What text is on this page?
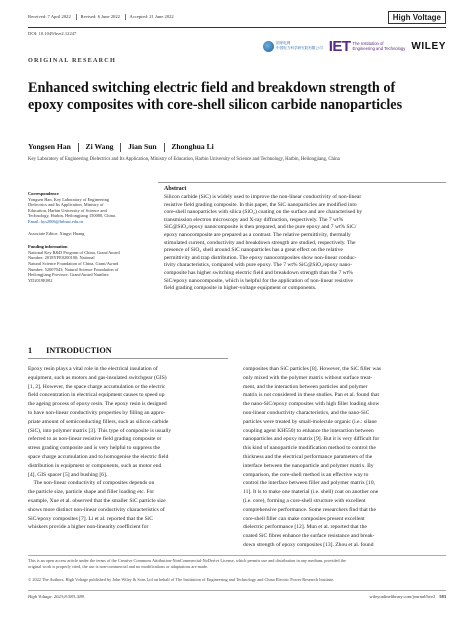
Received: 7 April 2022 Revised: 6 June 2022 Accepted: 21 June 2022	High Voltage
DOI: 10.1049/hve2.12247
国家电网
中国电力科学研究院有限公司 IET The Institution of
Engineering and Technology WILEY
ORIGINAL RESEARCH
Enhanced switching electric field and breakdown strength of
epoxy composites with core-shell silicon carbide nanoparticles
Yongsen Han Zi Wang Jian Sun Zhonghua Li
Key Laboratory of Engineering Dielectrics and Its Application, Ministry of Education, Harbin University of Science and Technology, Harbin, Heilongjiang, China
Correspondence
Yongsen Han, Key Laboratory of Engineering
Dielectrics and Its Application, Ministry of
Education, Harbin University of Science and
Technology, Harbin, Heilongjiang 150080, China.
Email: hys2006@hrbust.edu.cn
Associate Editor: Xingyi Huang
Funding information
National Key R&D Program of China, Grant/Award
Number: 2018YFE0200100; National
Natural Science Foundation of China, Grant/Award
Number: 52007043; Natural Science Foundation of
Heilongjiang Province, Grant/Award Number:
YD2019E002
Abstract
Silicon carbide (SiC) is widely used to improve the non-linear conductivity of non-linear
resistive field grading composite. In this paper, the SiC nanoparticles are modified into
core-shell nanoparticles with silica (SiO₂) coating on the surface and are characterised by
transmission electron microscopy and X-ray diffraction, respectively. The 7 wt%
SiC@SiO₂/epoxy nanocomposite is then prepared, and the pure epoxy and 7 wt% SiC/
epoxy nanocomposite are prepared as a contrast. The relative permittivity, thermally
stimulated current, conductivity and breakdown strength are studied, respectively. The
presence of SiO₂ shell around SiC nanoparticles has a great effect on the relative
permittivity and trap distribution. The epoxy nanocomposites show non-linear conduc-
tivity characteristics, compared with pure epoxy. The 7 wt% SiC@SiO₂/epoxy nano-
composite has higher switching electric field and breakdown strength than the 7 wt%
SiC/epoxy nanocomposite, which is helpful for the application of non-linear resistive
field grading composite in higher-voltage equipment or components.
1 INTRODUCTION
Epoxy resin plays a vital role in the electrical insulation of
equipment, such as motors and gas-insulated switchgear (GIS)
[1, 2]. However, the space charge accumulation or the electric
field concentration in electrical equipment causes to speed up
the ageing process of epoxy resin. The epoxy resin is designed
to have non-linear conductivity properties by filling an appro-
priate amount of semiconducting fillers, such as silicon carbide
(SiC), into polymer matrix [3]. This type of composite is usually
referred to as non-linear resistive field grading composite or
stress grading composite and is very helpful to suppress the
space charge accumulation and to homogenise the electric field
distribution in equipment or components, such as motor end
[4], GIS spacer [5] and bushing [6].
The non-linear conductivity of composites depends on
the particle size, particle shape and filler loading etc. For
example, Xue et al. observed that the smaller SiC particle size
shows more distinct non-linear conductivity characteristics of
SiC/epoxy composites [7]. Li et al. reported that the SiC
whiskers provide a higher non-linearity coefficient for
composites than SiC particles [8]. However, the SiC filler was
only mixed with the polymer matrix without surface treat-
ment, and the interaction between particles and polymer
matrix is not considered in these studies. Pan et al. found that
the nano-SiC/epoxy composites with high filler loading show
non-linear conductivity characteristics, and the nano-SiC
particles were treated by small-molecule organic (i.e.: silane
coupling agent KH550) to enhance the interaction between
nanoparticles and epoxy matrix [9]. But it is very difficult for
this kind of nanoparticle modification method to control the
thickness and the electrical performance parameters of the
interface between the nanoparticle and polymer matrix. By
comparison, the core-shell method is an effective way to
control the interface between filler and polymer matrix [10,
11]. It is to make one material (i.e. shell) coat on another one
(i.e. core), forming a core-shell structure with excellent
comprehensive performance. Some researchers find that the
core-shell filler can make composites present excellent
dielectric performance [12]. Mun et al. reported that the
coated SiC fibres enhance the surface resistance and break-
down strength of epoxy composites [13]. Zhou et al. found
This is an open access article under the terms of the Creative Commons Attribution-NonCommercial-NoDerivs License, which permits use and distribution in any medium, provided the
original work is properly cited, the use is non-commercial and no modifications or adaptations are made.
© 2022 The Authors. High Voltage published by John Wiley & Sons Ltd on behalf of The Institution of Engineering and Technology and China Electric Power Research Institute.
High Voltage. 2023;8:583–589.	wileyonlinelibrary.com/journal/hve2 583
